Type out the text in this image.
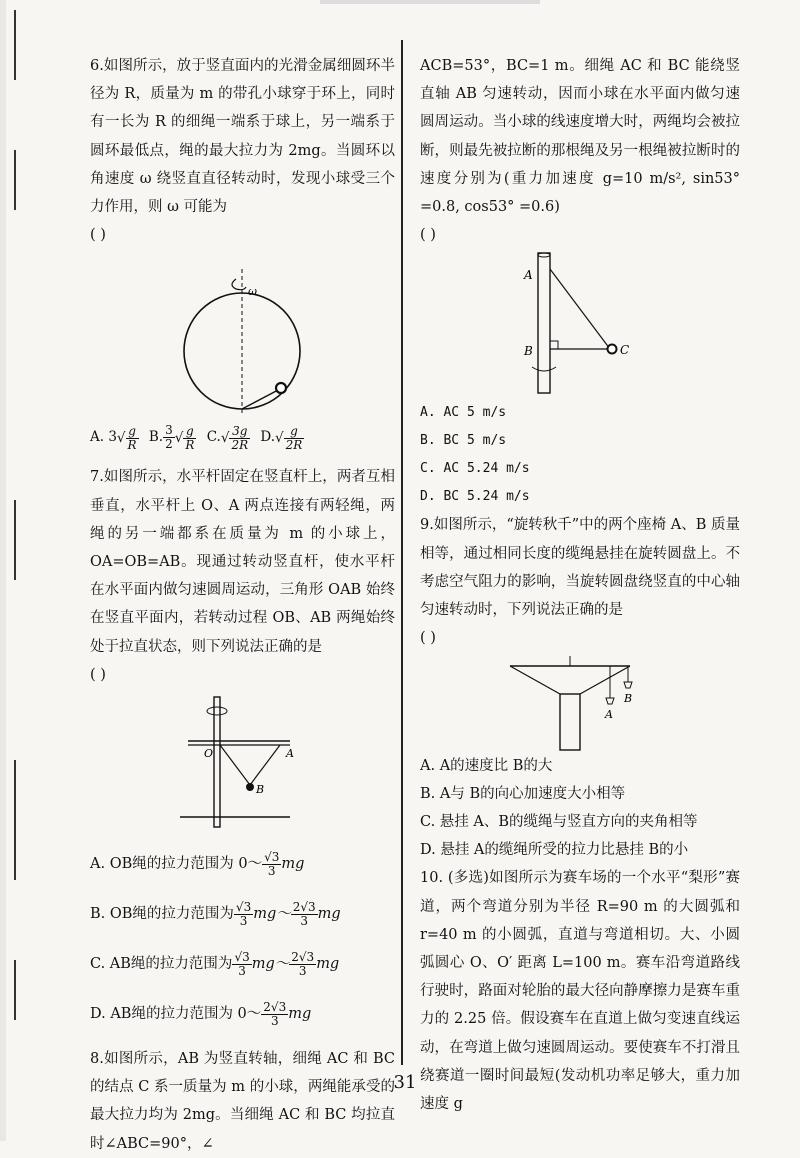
6.如图所示，放于竖直面内的光滑金属细圆环半径为 R，质量为 m 的带孔小球穿于环上，同时有一长为 R 的细绳一端系于球上，另一端系于圆环最低点，绳的最大拉力为 2mg。当圆环以角速度 ω 绕竖直直径转动时，发现小球受三个力作用，则 ω 可能为

( )

ω
A. $3√ \frac{g}{R} B$. $\frac{3}{2}$ √ $\frac{g}{R} C.√ \frac{3g}{2R} D.√ \frac{g}{2R}$

7.如图所示，水平杆固定在竖直杆上，两者互相垂直，水平杆上 O、A 两点连接有两轻绳，两绳的另一端都系在质量为 m 的小球上，OA=OB=AB。现通过转动竖直杆，使水平杆在水平面内做匀速圆周运动，三角形 OAB 始终在竖直平面内，若转动过程 OB、AB 两绳始终处于拉直状态，则下列说法正确的是

( )

O	A
B
A. OB绳的拉力范围为 0～ $\frac{√3}{3}$ mg
B. OB绳的拉力范围为 $\frac{√3}{3}$ mg～ $\frac{2√3}{3}$ mg
C. AB绳的拉力范围为 $\frac{√3}{3}$ mg～ $\frac{2√3}{3}$ mg
D. AB绳的拉力范围为 0～ $\frac{2√3}{3}$ mg

8.如图所示，AB 为竖直转轴，细绳 AC 和 BC 的结点 C 系一质量为 m 的小球，两绳能承受的最大拉力均为 2mg。当细绳 AC 和 BC 均拉直时∠ABC=90°，∠

ACB=53°，BC=1 m。细绳 AC 和 BC 能绕竖直轴 AB 匀速转动，因而小球在水平面内做匀速圆周运动。当小球的线速度增大时，两绳均会被拉断，则最先被拉断的那根绳及另一根绳被拉断时的速度分别为(重力加速度 g=10 m/s², sin53° =0.8, cos53° =0.6)

( )

A
B	C

A. AC 5 m/s

B. BC 5 m/s

C. AC 5.24 m/s

D. BC 5.24 m/s

9.如图所示，“旋转秋千”中的两个座椅 A、B 质量相等，通过相同长度的缆绳悬挂在旋转圆盘上。不考虑空气阻力的影响，当旋转圆盘绕竖直的中心轴匀速转动时，下列说法正确的是

( )

A
B

A. A的速度比 B的大

B. A与 B的向心加速度大小相等

C. 悬挂 A、B的缆绳与竖直方向的夹角相等

D. 悬挂 A的缆绳所受的拉力比悬挂 B的小

10. (多选)如图所示为赛车场的一个水平“梨形”赛道，两个弯道分别为半径 R=90 m 的大圆弧和 r=40 m 的小圆弧，直道与弯道相切。大、小圆弧圆心 O、O′ 距离 L=100 m。赛车沿弯道路线行驶时，路面对轮胎的最大径向静摩擦力是赛车重力的 2.25 倍。假设赛车在直道上做匀变速直线运动，在弯道上做匀速圆周运动。要使赛车不打滑且绕赛道一圈时间最短(发动机功率足够大，重力加速度 g

31
